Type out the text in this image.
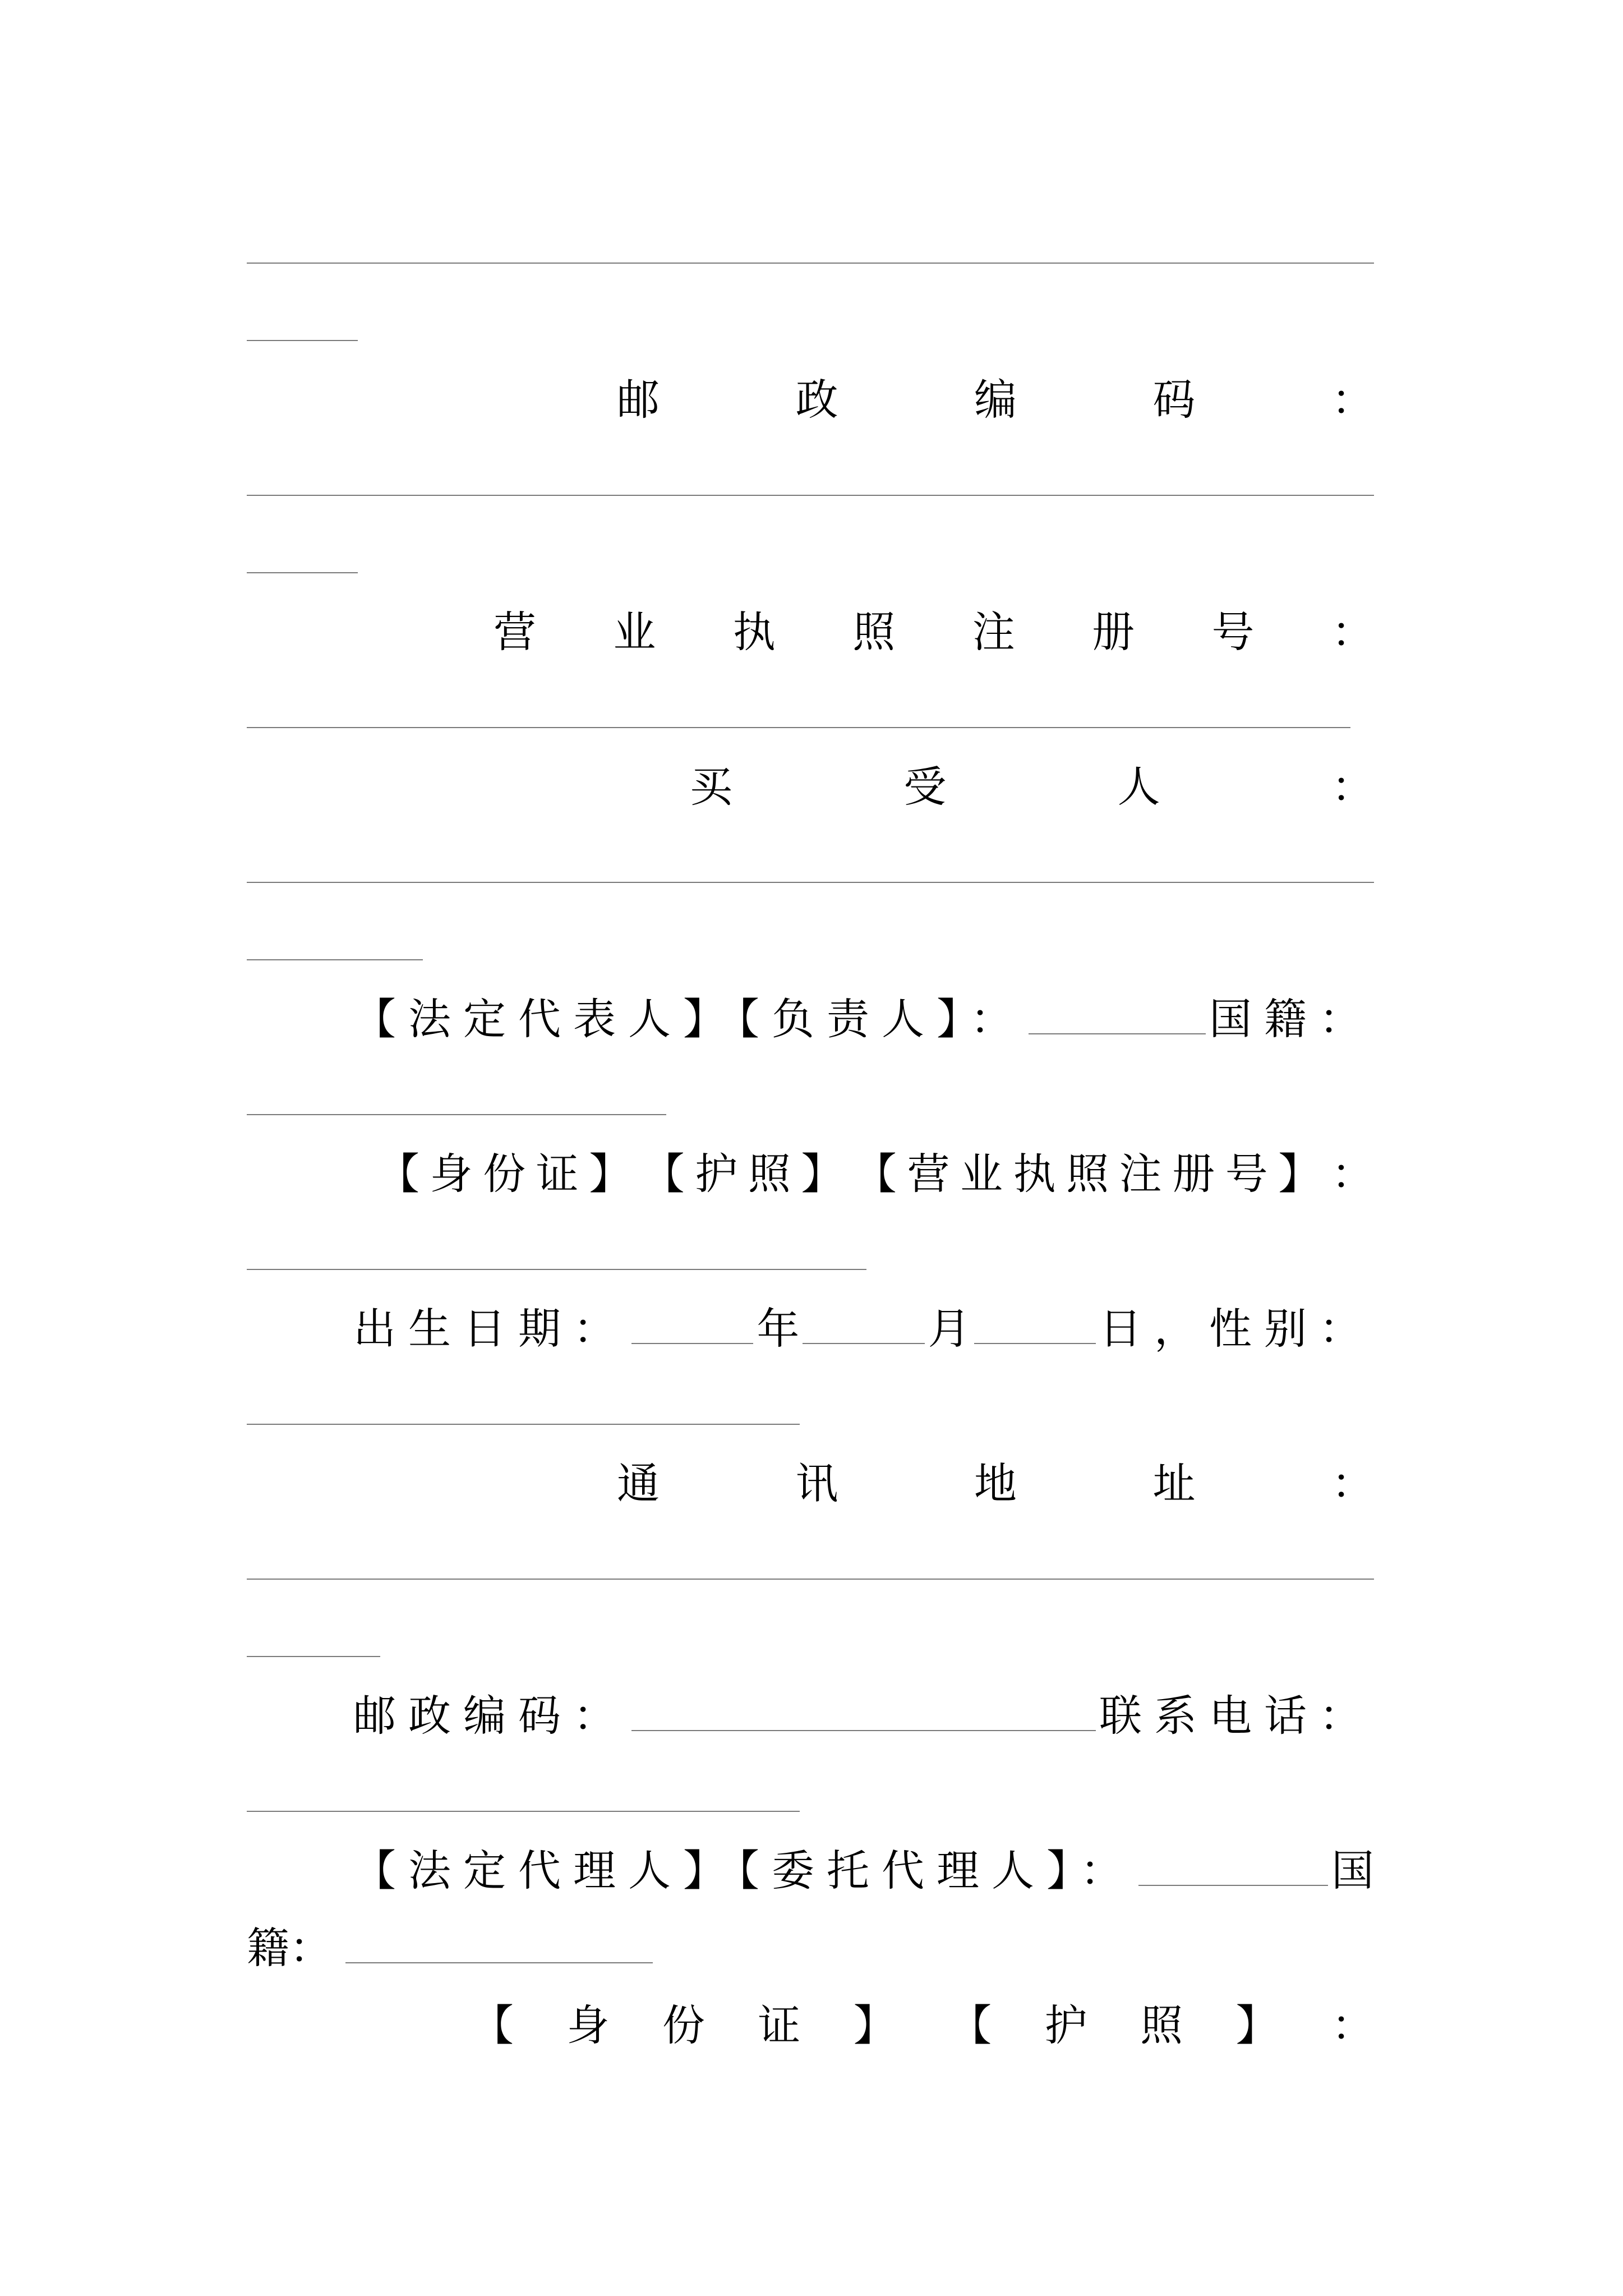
邮	政	编	码	：
营 业 执 照 注 册 号 ：
买	受	人	：
【法定代表人】【负责人】：	国籍：
【 身 份 证 】 【 护 照 】 【 营 业 执 照 注 册 号 】 ：
出生日期：	年	月	日，性别：
通	讯	地	址	：
邮政编码：	联系电话：
【法定代理人】【委托代理人】：	国
籍：
【 身 份 证 】 【 护 照 】 ：
